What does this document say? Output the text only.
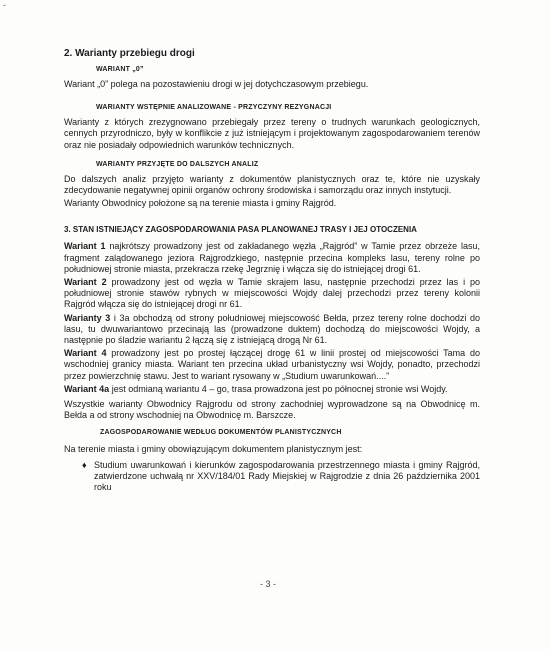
-
2. Warianty przebiegu drogi
WARIANT „0”

Wariant „0” polega na pozostawieniu drogi w jej dotychczasowym przebiegu.

WARIANTY WSTĘPNIE ANALIZOWANE - PRZYCZYNY REZYGNACJI

Warianty z których zrezygnowano przebiegały przez tereny o trudnych warunkach geologicznych, cennych przyrodniczo, były w konflikcie z już istniejącym i projektowanym zagospodarowaniem terenów oraz nie posiadały odpowiednich warunków technicznych.

WARIANTY PRZYJĘTE DO DALSZYCH ANALIZ

Do dalszych analiz przyjęto warianty z dokumentów planistycznych oraz te, które nie uzyskały zdecydowanie negatywnej opinii organów ochrony środowiska i samorządu oraz innych instytucji.

Warianty Obwodnicy położone są na terenie miasta i gminy Rajgród.

3. STAN ISTNIEJĄCY ZAGOSPODAROWANIA PASA PLANOWANEJ TRASY I JEJ OTOCZENIA

Wariant 1 najkrótszy prowadzony jest od zakładanego węzła „Rajgród” w Tamie przez obrzeże lasu, fragment zalądowanego jeziora Rajgrodzkiego, następnie przecina kompleks lasu, tereny rolne po południowej stronie miasta, przekracza rzekę Jegrznię i włącza się do istniejącej drogi 61.

Wariant 2 prowadzony jest od węzła w Tamie skrajem lasu, następnie przechodzi przez las i po południowej stronie stawów rybnych w miejscowości Wojdy dalej przechodzi przez tereny kolonii Rajgród włącza się do istniejącej drogi nr 61.

Warianty 3 i 3a obchodzą od strony południowej miejscowość Bełda, przez tereny rolne dochodzi do lasu, tu dwuwariantowo przecinają las (prowadzone duktem) dochodzą do miejscowości Wojdy, a następnie po śladzie wariantu 2 łączą się z istniejącą drogą Nr 61.

Wariant 4 prowadzony jest po prostej łączącej drogę 61 w linii prostej od miejscowości Tama do wschodniej granicy miasta. Wariant ten przecina układ urbanistyczny wsi Wojdy, ponadto, przechodzi przez powierzchnię stawu. Jest to wariant rysowany w „Studium uwarunkowań....”

Wariant 4a jest odmianą wariantu 4 – go, trasa prowadzona jest po północnej stronie wsi Wojdy.

Wszystkie warianty Obwodnicy Rajgrodu od strony zachodniej wyprowadzone są na Obwodnicę m. Bełda a od strony wschodniej na Obwodnicę m. Barszcze.

ZAGOSPODAROWANIE WEDŁUG DOKUMENTÓW PLANISTYCZNYCH

Na terenie miasta i gminy obowiązującym dokumentem planistycznym jest:

♦ Studium uwarunkowań i kierunków zagospodarowania przestrzennego miasta i gminy Rajgród, zatwierdzone uchwałą nr XXV/184/01 Rady Miejskiej w Rajgrodzie z dnia 26 października 2001 roku
- 3 -
